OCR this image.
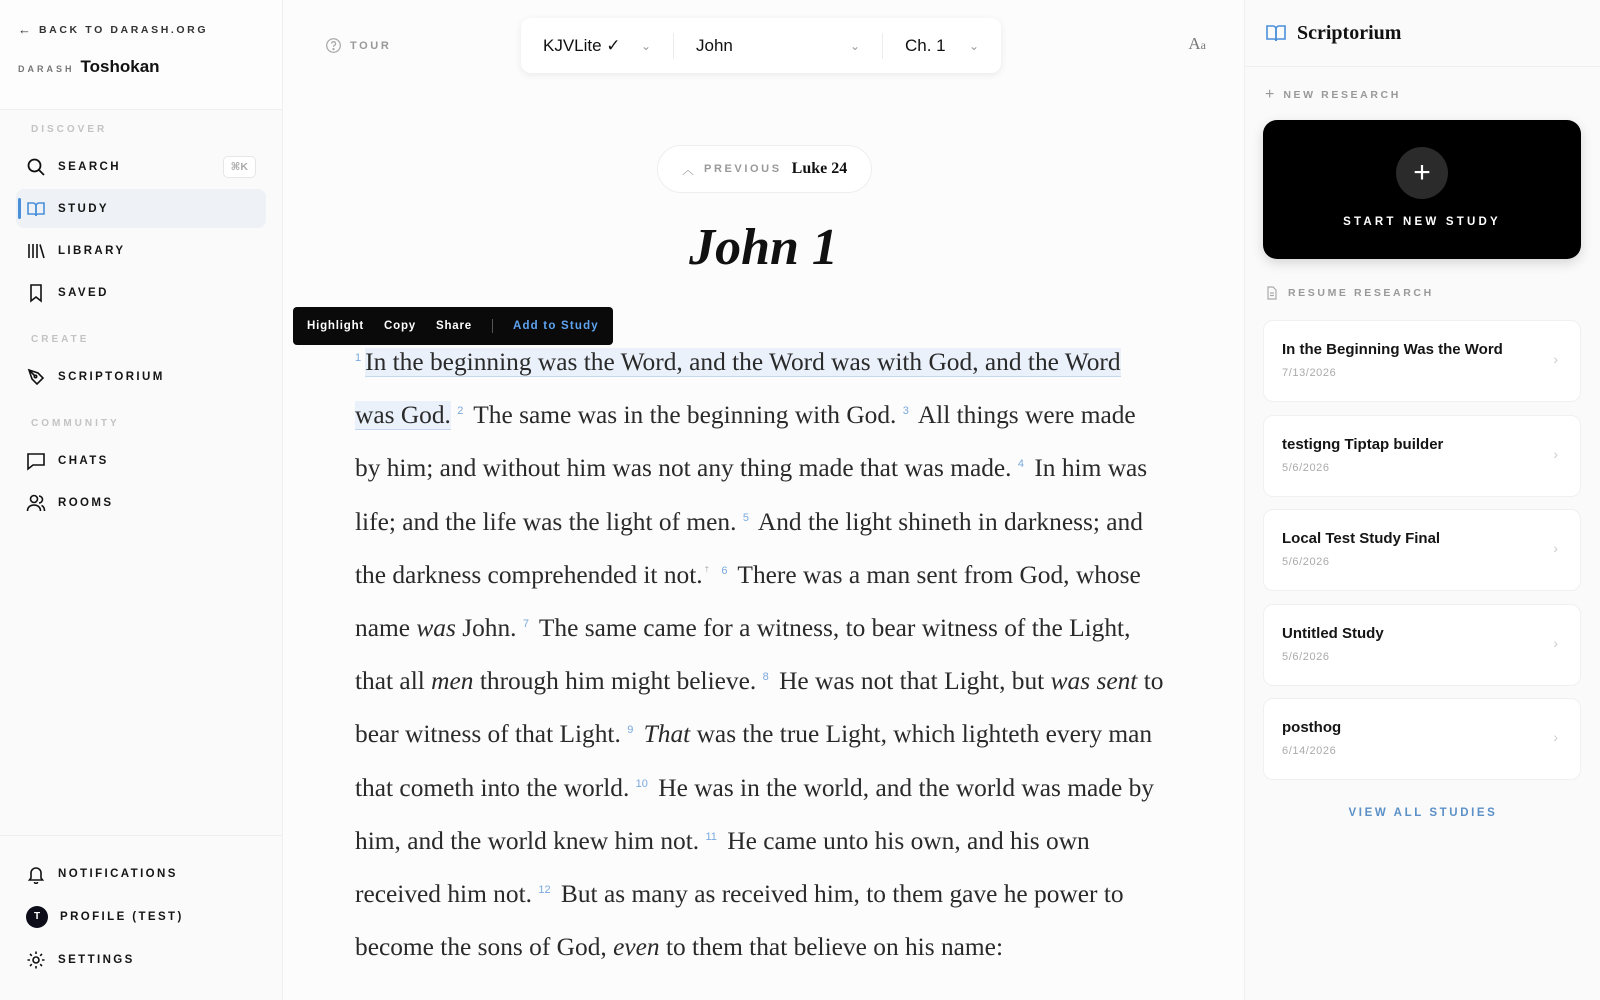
← BACK TO DARASH.ORG
DARASH Toshokan
DISCOVER
SEARCH	⌘K
STUDY
LIBRARY
SAVED
CREATE
SCRIPTORIUM
COMMUNITY
CHATS
ROOMS
NOTIFICATIONS
T	PROFILE (TEST)
SETTINGS
TOUR	KJVLite ✓ ⌄	John	⌄	Ch. 1 ⌄	Aa
︿ PREVIOUS Luke 24
John 1
Highlight Copy Share	Add to Study
$^1$ In the beginning was the Word, and the Word was with God, and the Word was God. $^2$ The same was in the beginning with God. $^3$ All things were made by him; and without him was not any thing made that was made. $^4$ In him was life; and the life was the light of men. $^5$ And the light shineth in darkness; and the darkness comprehended it not. † $^6$ There was a man sent from God, whose name was John. $^7$ The same came for a witness, to bear witness of the Light, that all men through him might believe. $^8$ He was not that Light, but was sent to bear witness of that Light. $^9$ That was the true Light, which lighteth every man that cometh into the world. $^{10}$ He was in the world, and the world was made by him, and the world knew him not. $^{11}$ He came unto his own, and his own received him not. $^{12}$ But as many as received him, to them gave he power to become the sons of God, even to them that believe on his name:
Scriptorium
+ NEW RESEARCH
+
START NEW STUDY
RESUME RESEARCH
In the Beginning Was the Word
7/13/2026
›
testigng Tiptap builder
5/6/2026
›
Local Test Study Final
5/6/2026
›
Untitled Study
5/6/2026
›
posthog
6/14/2026
›
VIEW ALL STUDIES
